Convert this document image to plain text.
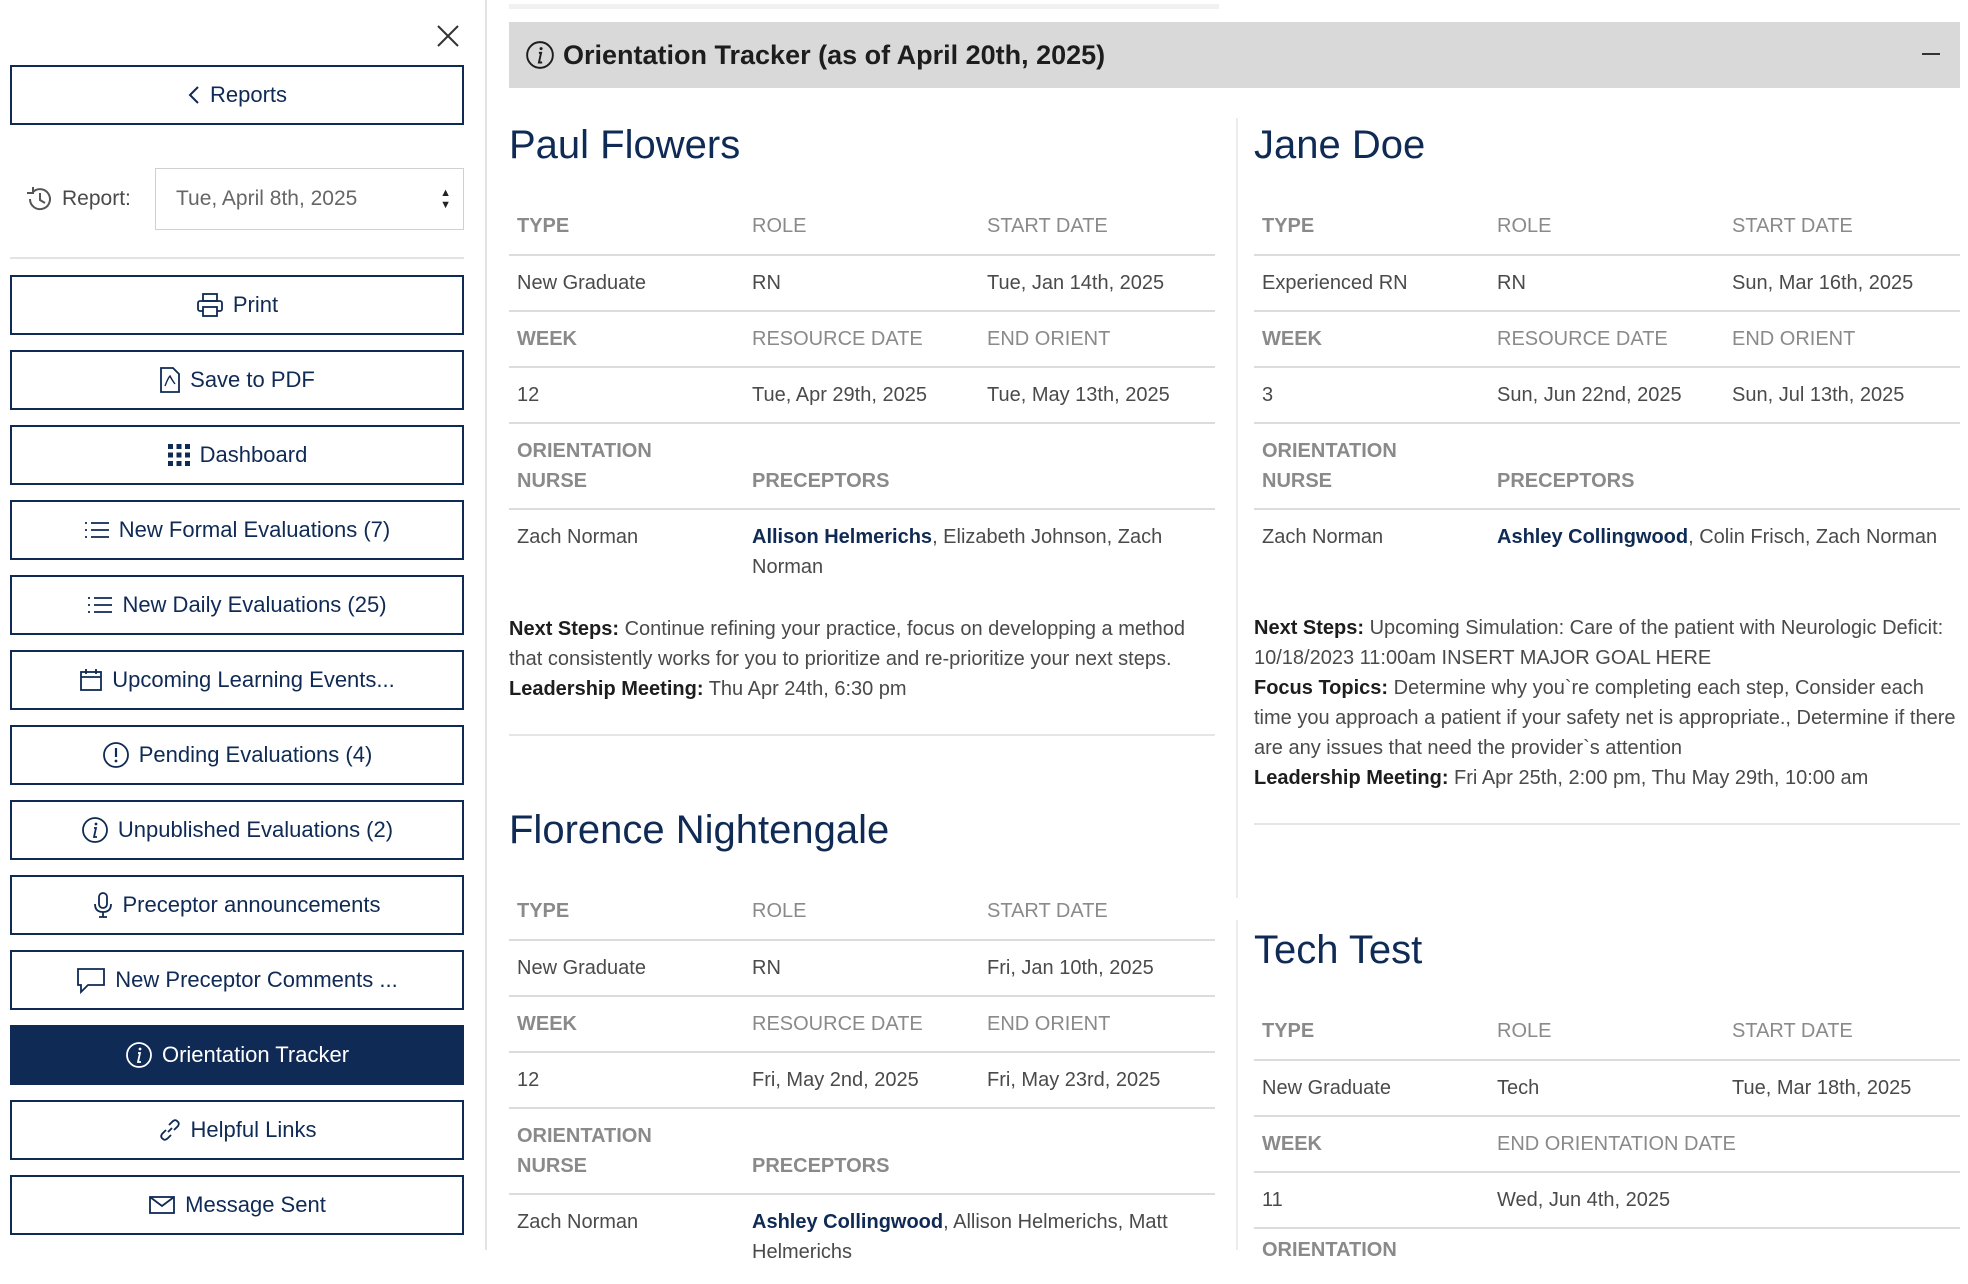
Reports
Report: Tue, April 8th, 2025	▲
▼
Print
Save to PDF
Dashboard
New Formal Evaluations (7)
New Daily Evaluations (25)
Upcoming Learning Events...
Pending Evaluations (4)
Unpublished Evaluations (2)
Preceptor announcements
New Preceptor Comments ...
Orientation Tracker
Helpful Links
Message Sent
Orientation Tracker (as of April 20th, 2025)
Paul Flowers
TYPE	ROLE	START DATE
New Graduate	RN	Tue, Jan 14th, 2025
WEEK	RESOURCE DATE	END ORIENT
12	Tue, Apr 29th, 2025	Tue, May 13th, 2025
ORIENTATION
NURSE	PRECEPTORS	
Zach Norman	Allison Helmerichs, Elizabeth Johnson, Zach Norman	
Next Steps: Continue refining your practice, focus on developping a method that consistently works for you to prioritize and re-prioritize your next steps.
Leadership Meeting: Thu Apr 24th, 6:30 pm
Florence Nightengale
TYPE	ROLE	START DATE
New Graduate	RN	Fri, Jan 10th, 2025
WEEK	RESOURCE DATE	END ORIENT
12	Fri, May 2nd, 2025	Fri, May 23rd, 2025
ORIENTATION
NURSE	PRECEPTORS	
Zach Norman	Ashley Collingwood, Allison Helmerichs, Matt Helmerichs	
Jane Doe
TYPE	ROLE	START DATE
Experienced RN	RN	Sun, Mar 16th, 2025
WEEK	RESOURCE DATE	END ORIENT
3	Sun, Jun 22nd, 2025	Sun, Jul 13th, 2025
ORIENTATION
NURSE	PRECEPTORS	
Zach Norman	Ashley Collingwood, Colin Frisch, Zach Norman	
Next Steps: Upcoming Simulation: Care of the patient with Neurologic Deficit: 10/18/2023 11:00am INSERT MAJOR GOAL HERE
Focus Topics: Determine why you`re completing each step, Consider each time you approach a patient if your safety net is appropriate., Determine if there are any issues that need the provider`s attention
Leadership Meeting: Fri Apr 25th, 2:00 pm, Thu May 29th, 10:00 am
Tech Test
TYPE	ROLE	START DATE
New Graduate	Tech	Tue, Mar 18th, 2025
WEEK	END ORIENTATION DATE	
11	Wed, Jun 4th, 2025	
ORIENTATION		
